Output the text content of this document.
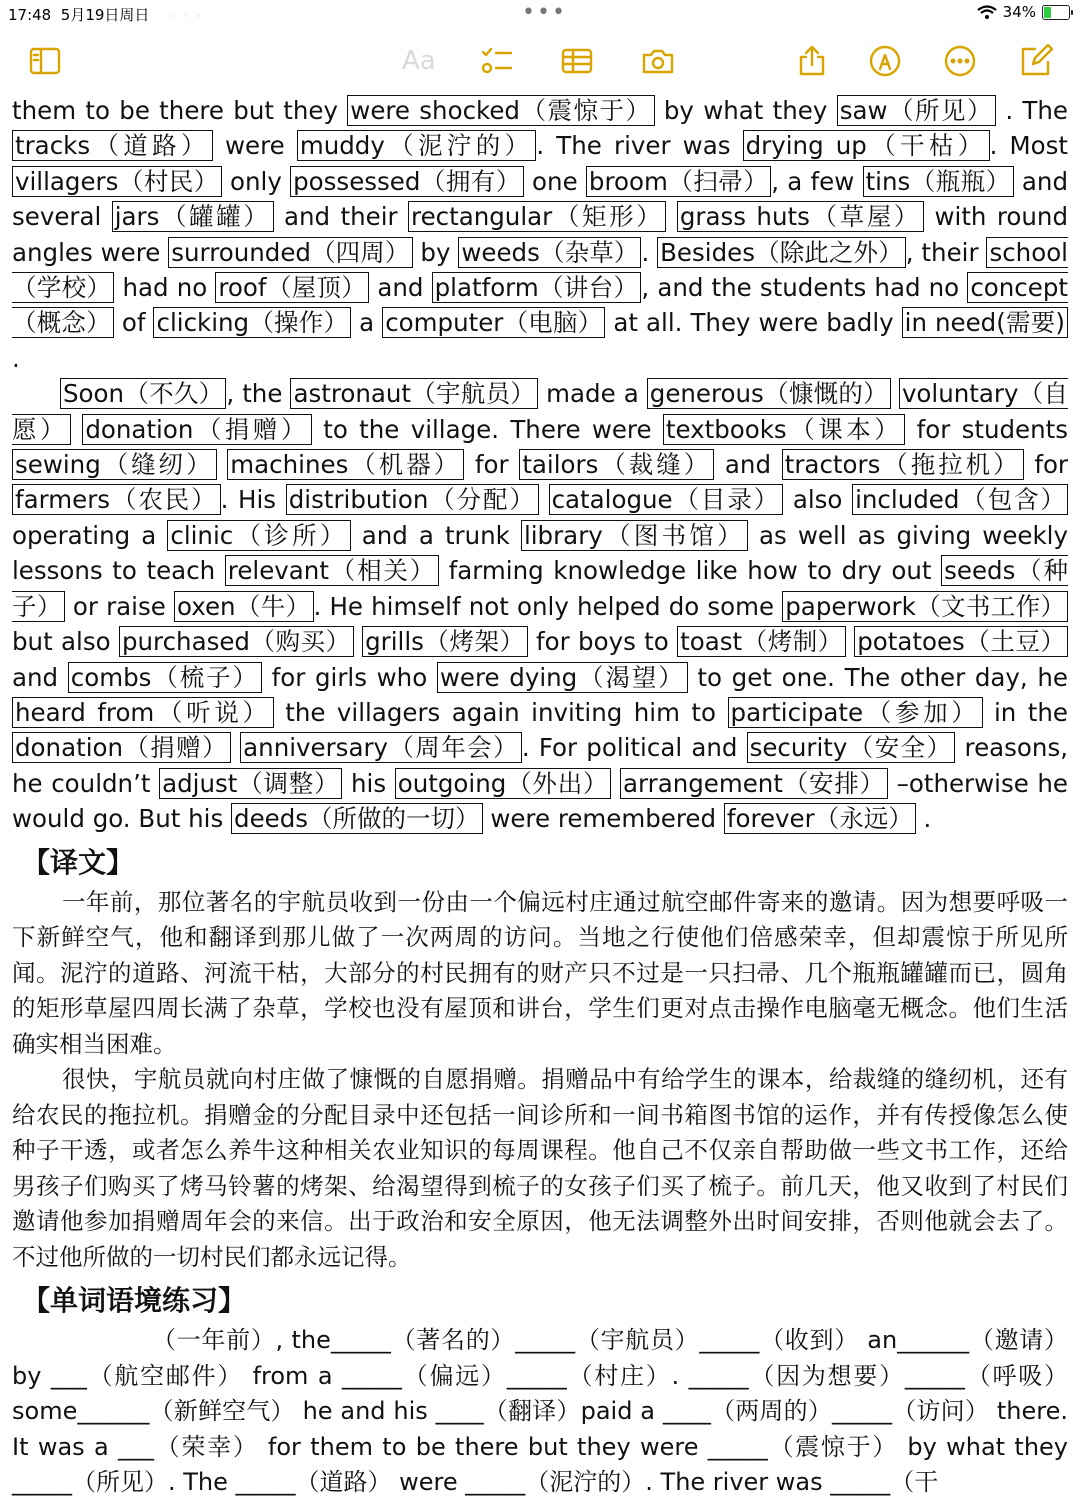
17:48 5月19日周日	•••	34%
· · ·
Aa

them to be there but they were shocked（震惊于） by what they saw（所见） . The tracks（道路） were muddy（泥泞的） . The river was drying up（干枯） . Most villagers（村民） only possessed（拥有） one broom（扫帚） , a few tins（瓶瓶） and several jars（罐罐） and their rectangular（矩形） grass huts（草屋） with round angles were surrounded（四周） by weeds（杂草） . Besides（除此之外） , their school（学校） had no roof（屋顶） and platform（讲台） , and the students had no concept（概念） of clicking（操作） a computer（电脑） at all. They were badly in need(需要) .

Soon（不久） , the astronaut（宇航员） made a generous（慷慨的） voluntary（自愿） donation（捐赠） to the village. There were textbooks（课本） for students sewing（缝纫） machines（机器） for tailors（裁缝） and tractors（拖拉机） for farmers（农民） . His distribution（分配） catalogue（目录） also included（包含） operating a clinic（诊所） and a trunk library（图书馆） as well as giving weekly lessons to teach relevant（相关） farming knowledge like how to dry out seeds（种子） or raise oxen（牛） . He himself not only helped do some paperwork（文书工作） but also purchased（购买） grills（烤架） for boys to toast（烤制） potatoes（土豆） and combs（梳子） for girls who were dying（渴望） to get one. The other day, he heard from（听说） the villagers again inviting him to participate（参加） in the donation（捐赠） anniversary（周年会） . For political and security（安全） reasons, he couldn’t adjust（调整） his outgoing（外出） arrangement（安排） –otherwise he would go. But his deeds（所做的一切） were remembered forever（永远） .

【译文】

一年前，那位著名的宇航员收到一份由一个偏远村庄通过航空邮件寄来的邀请。因为想要呼吸一下新鲜空气，他和翻译到那儿做了一次两周的访问。当地之行使他们倍感荣幸，但却震惊于所见所闻。泥泞的道路、河流干枯，大部分的村民拥有的财产只不过是一只扫帚、几个瓶瓶罐罐而已，圆角的矩形草屋四周长满了杂草，学校也没有屋顶和讲台，学生们更对点击操作电脑毫无概念。他们生活确实相当困难。

很快，宇航员就向村庄做了慷慨的自愿捐赠。捐赠品中有给学生的课本，给裁缝的缝纫机，还有给农民的拖拉机。捐赠金的分配目录中还包括一间诊所和一间书箱图书馆的运作，并有传授像怎么使种子干透，或者怎么养牛这种相关农业知识的每周课程。他自己不仅亲自帮助做一些文书工作，还给男孩子们购买了烤马铃薯的烤架、给渴望得到梳子的女孩子们买了梳子。前几天，他又收到了村民们邀请他参加捐赠周年会的来信。出于政治和安全原因，他无法调整外出时间安排，否则他就会去了。不过他所做的一切村民们都永远记得。

【单词语境练习】

（一年前）, the_____（著名的）_____（宇航员）_____（收到） an______（邀请） by ___（航空邮件） from a _____（偏远）_____（村庄）. _____（因为想要）_____（呼吸） some______（新鲜空气） he and his ____（翻译）paid a ____（两周的）_____（访问） there. It was a ___（荣幸） for them to be there but they were _____（震惊于） by what they _____（所见）. The _____（道路） were _____（泥泞的）. The river was _____（干
